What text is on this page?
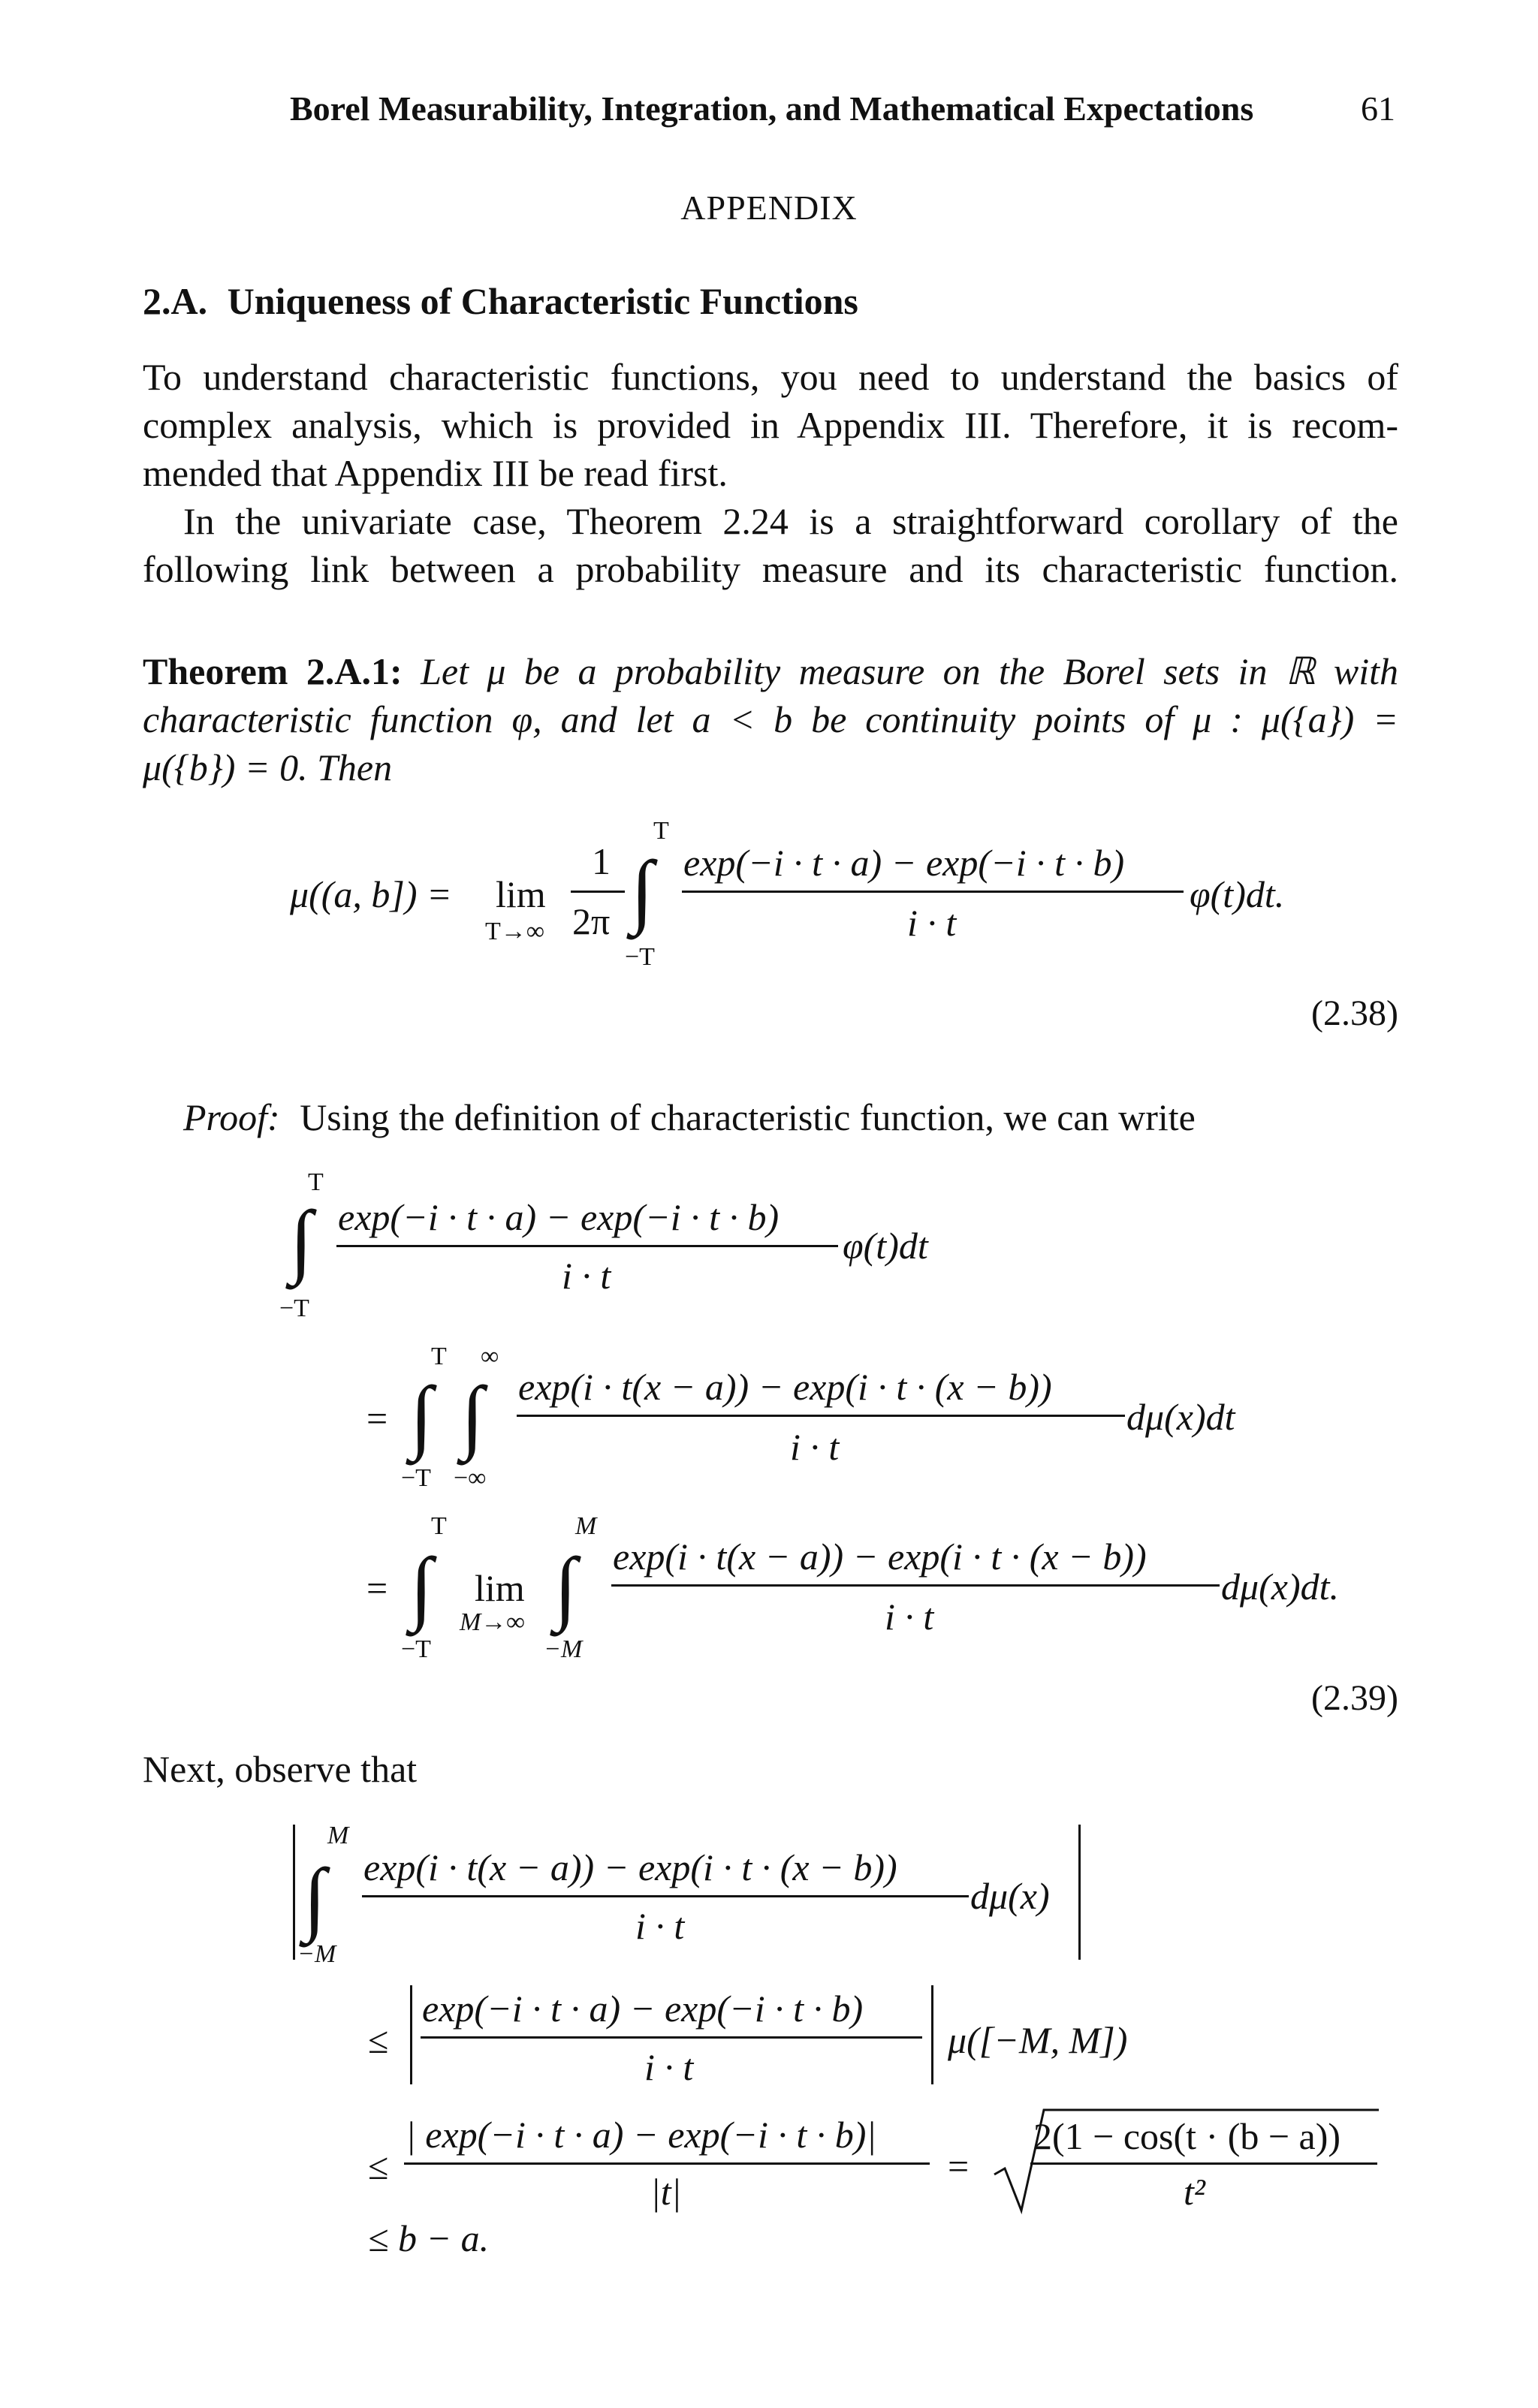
Borel Measurability, Integration, and Mathematical Expectations	61
APPENDIX
2.A. Uniqueness of Characteristic Functions
To understand characteristic functions, you need to understand the basics of
complex analysis, which is provided in Appendix III. Therefore, it is recom-
mended that Appendix III be read first.
In the univariate case, Theorem 2.24 is a straightforward corollary of the
following link between a probability measure and its characteristic function.
Theorem 2.A.1: Let μ be a probability measure on the Borel sets in ℝ with
characteristic function φ, and let a < b be continuity points of μ : μ({a}) =
μ({b}) = 0. Then
μ((a, b]) = lim
T→∞
1
2π ∫
T
−T
exp(−i · t · a) − exp(−i · t · b)
i · t
φ(t)dt.
(2.38)
Proof: Using the definition of characteristic function, we can write
∫
T
−T
exp(−i · t · a) − exp(−i · t · b)
i · t
φ(t)dt
= ∫
T
−T
∫
∞
−∞
exp(i · t(x − a)) − exp(i · t · (x − b))
i · t
dμ(x)dt
= ∫
T
−T
lim
M→∞ ∫
M
−M
exp(i · t(x − a)) − exp(i · t · (x − b))
i · t
dμ(x)dt.
(2.39)
Next, observe that
∫
M
−M
exp(i · t(x − a)) − exp(i · t · (x − b))
i · t
dμ(x)
≤
exp(−i · t · a) − exp(−i · t · b)
i · t
μ([−M, M])
≤
| exp(−i · t · a) − exp(−i · t · b)|
|t|
=
2(1 − cos(t · (b − a))
t²
≤ b − a.
